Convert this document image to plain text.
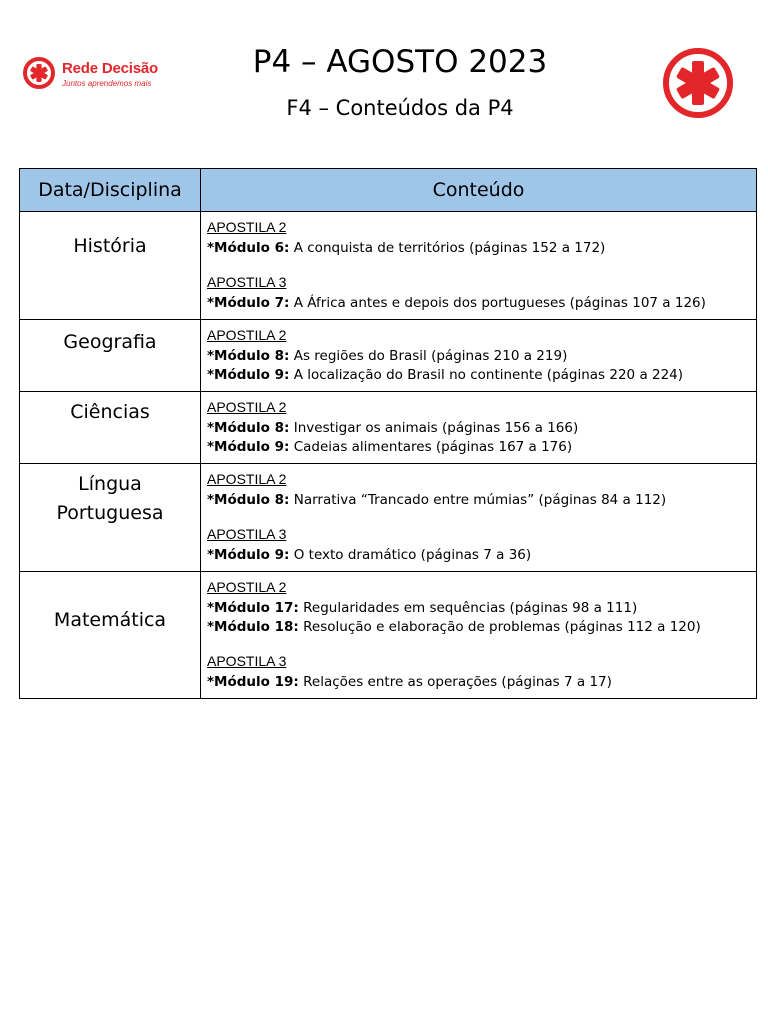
Rede Decisão
Juntos aprendemos mais
P4 – AGOSTO 2023
F4 – Conteúdos da P4
Data/Disciplina	Conteúdo
História	APOSTILA 2
*Módulo 6: A conquista de territórios (páginas 152 a 172)
APOSTILA 3
*Módulo 7: A África antes e depois dos portugueses (páginas 107 a 126)

Geografia	APOSTILA 2
*Módulo 8: As regiões do Brasil (páginas 210 a 219)
*Módulo 9: A localização do Brasil no continente (páginas 220 a 224)

Ciências	APOSTILA 2
*Módulo 8: Investigar os animais (páginas 156 a 166)
*Módulo 9: Cadeias alimentares (páginas 167 a 176)

Língua Portuguesa	APOSTILA 2
*Módulo 8: Narrativa “Trancado entre múmias” (páginas 84 a 112)
APOSTILA 3
*Módulo 9: O texto dramático (páginas 7 a 36)

Matemática	APOSTILA 2
*Módulo 17: Regularidades em sequências (páginas 98 a 111)
*Módulo 18: Resolução e elaboração de problemas (páginas 112 a 120)
APOSTILA 3
*Módulo 19: Relações entre as operações (páginas 7 a 17)
